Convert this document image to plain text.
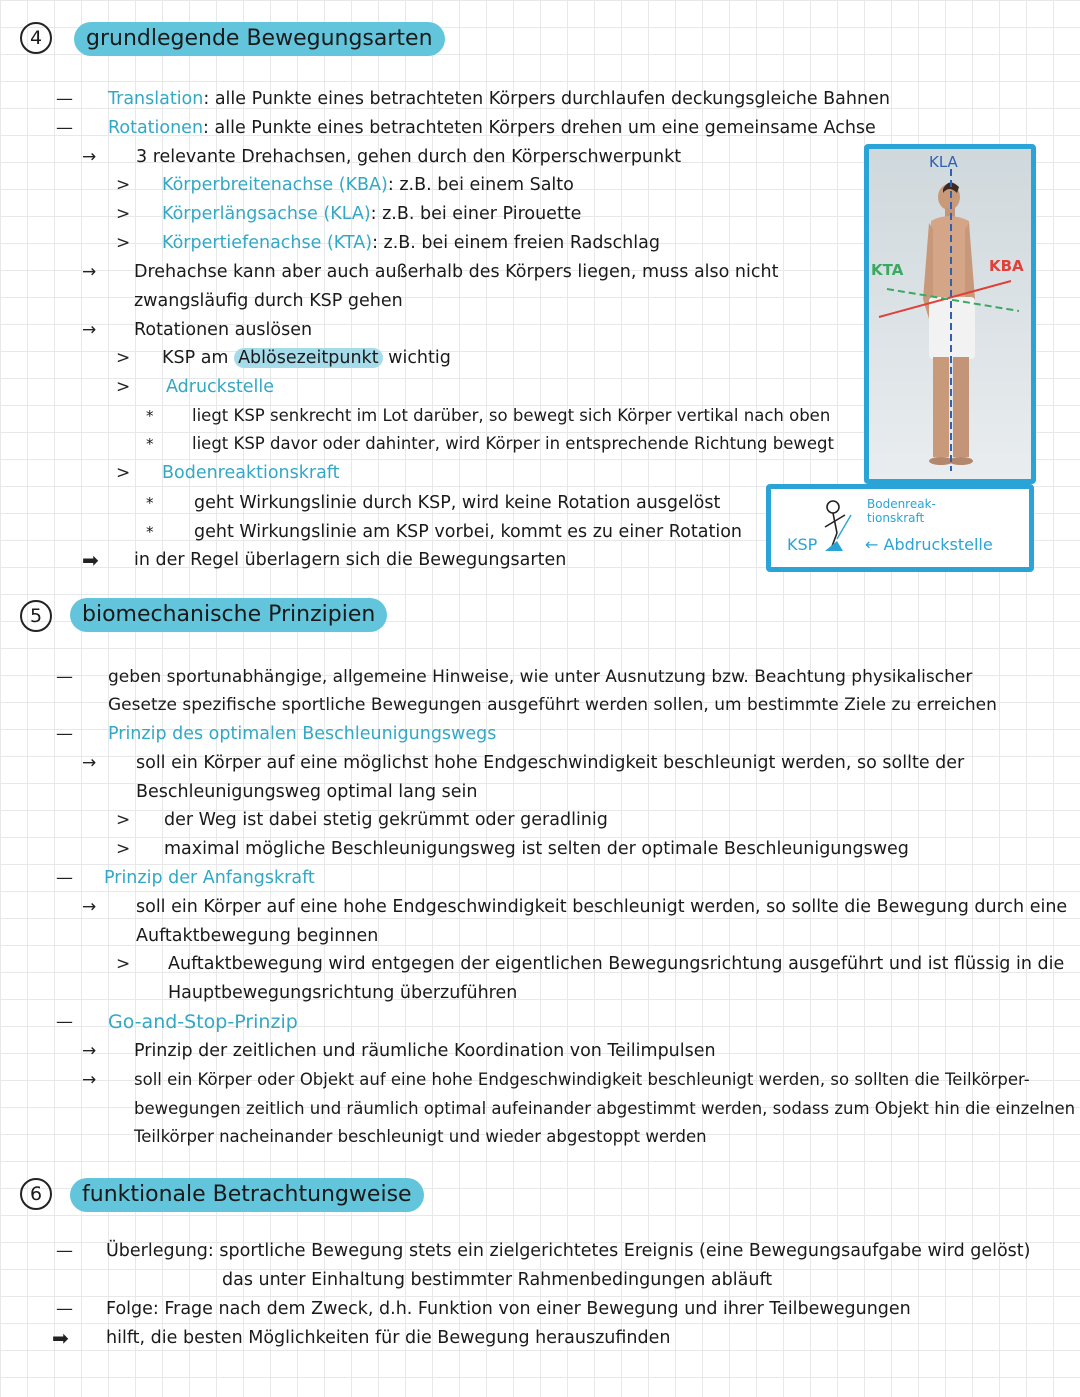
4	grundlegende Bewegungsarten
— Translation: alle Punkte eines betrachteten Körpers durchlaufen deckungsgleiche Bahnen
— Rotationen: alle Punkte eines betrachteten Körpers drehen um eine gemeinsame Achse
→ 3 relevante Drehachsen, gehen durch den Körperschwerpunkt
> Körperbreitenachse (KBA): z.B. bei einem Salto
> Körperlängsachse (KLA): z.B. bei einer Pirouette
> Körpertiefenachse (KTA): z.B. bei einem freien Radschlag
→ Drehachse kann aber auch außerhalb des Körpers liegen, muss also nicht
zwangsläufig durch KSP gehen
→ Rotationen auslösen
> KSP am Ablösezeitpunkt wichtig
> Adruckstelle
* liegt KSP senkrecht im Lot darüber, so bewegt sich Körper vertikal nach oben
* liegt KSP davor oder dahinter, wird Körper in entsprechende Richtung bewegt
> Bodenreaktionskraft
* geht Wirkungslinie durch KSP, wird keine Rotation ausgelöst
* geht Wirkungslinie am KSP vorbei, kommt es zu einer Rotation
➡ in der Regel überlagern sich die Bewegungsarten
KLA
KTA	KBA
KSP
Bodenreak-
tionskraft
← Abdruckstelle
5	biomechanische Prinzipien
— geben sportunabhängige, allgemeine Hinweise, wie unter Ausnutzung bzw. Beachtung physikalischer
Gesetze spezifische sportliche Bewegungen ausgeführt werden sollen, um bestimmte Ziele zu erreichen
— Prinzip des optimalen Beschleunigungswegs
→ soll ein Körper auf eine möglichst hohe Endgeschwindigkeit beschleunigt werden, so sollte der
Beschleunigungsweg optimal lang sein
> der Weg ist dabei stetig gekrümmt oder geradlinig
> maximal mögliche Beschleunigungsweg ist selten der optimale Beschleunigungsweg
— Prinzip der Anfangskraft
→ soll ein Körper auf eine hohe Endgeschwindigkeit beschleunigt werden, so sollte die Bewegung durch eine
Auftaktbewegung beginnen
> Auftaktbewegung wird entgegen der eigentlichen Bewegungsrichtung ausgeführt und ist flüssig in die
Hauptbewegungsrichtung überzuführen
— Go-and-Stop-Prinzip
→ Prinzip der zeitlichen und räumliche Koordination von Teilimpulsen
→ soll ein Körper oder Objekt auf eine hohe Endgeschwindigkeit beschleunigt werden, so sollten die Teilkörper-
bewegungen zeitlich und räumlich optimal aufeinander abgestimmt werden, sodass zum Objekt hin die einzelnen
Teilkörper nacheinander beschleunigt und wieder abgestoppt werden
6	funktionale Betrachtungweise
— Überlegung: sportliche Bewegung stets ein zielgerichtetes Ereignis (eine Bewegungsaufgabe wird gelöst)
das unter Einhaltung bestimmter Rahmenbedingungen abläuft
— Folge: Frage nach dem Zweck, d.h. Funktion von einer Bewegung und ihrer Teilbewegungen
➡ hilft, die besten Möglichkeiten für die Bewegung herauszufinden
